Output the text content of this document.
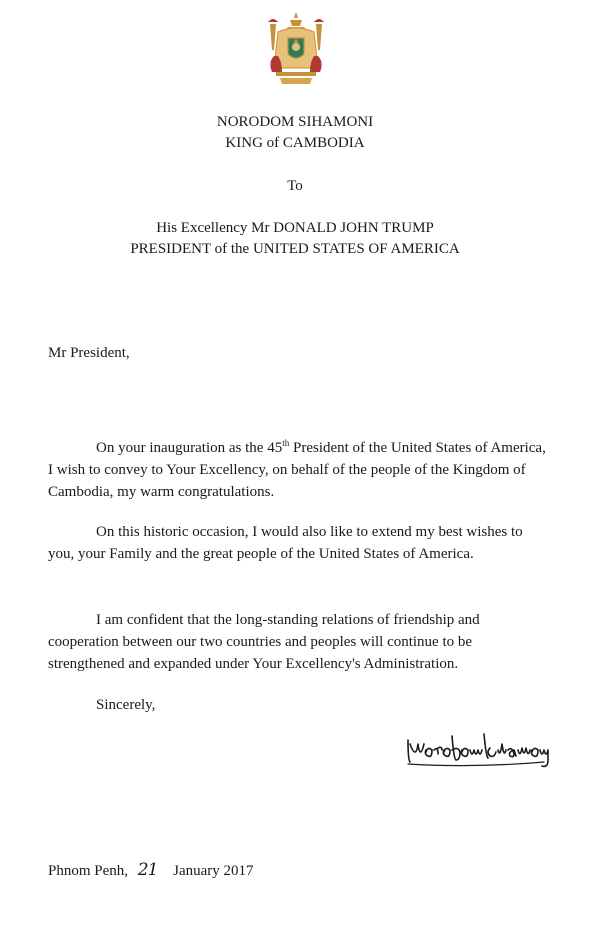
NORODOM SIHAMONI
KING of CAMBODIA
To
His Excellency Mr DONALD JOHN TRUMP
PRESIDENT of the UNITED STATES OF AMERICA
Mr President,

On your inauguration as the 45th President of the United States of America, I wish to convey to Your Excellency, on behalf of the people of the Kingdom of Cambodia, my warm congratulations.

On this historic occasion, I would also like to extend my best wishes to you, your Family and the great people of the United States of America.

I am confident that the long-standing relations of friendship and cooperation between our two countries and peoples will continue to be strengthened and expanded under Your Excellency's Administration.

Sincerely,
Phnom Penh, 21 January 2017
